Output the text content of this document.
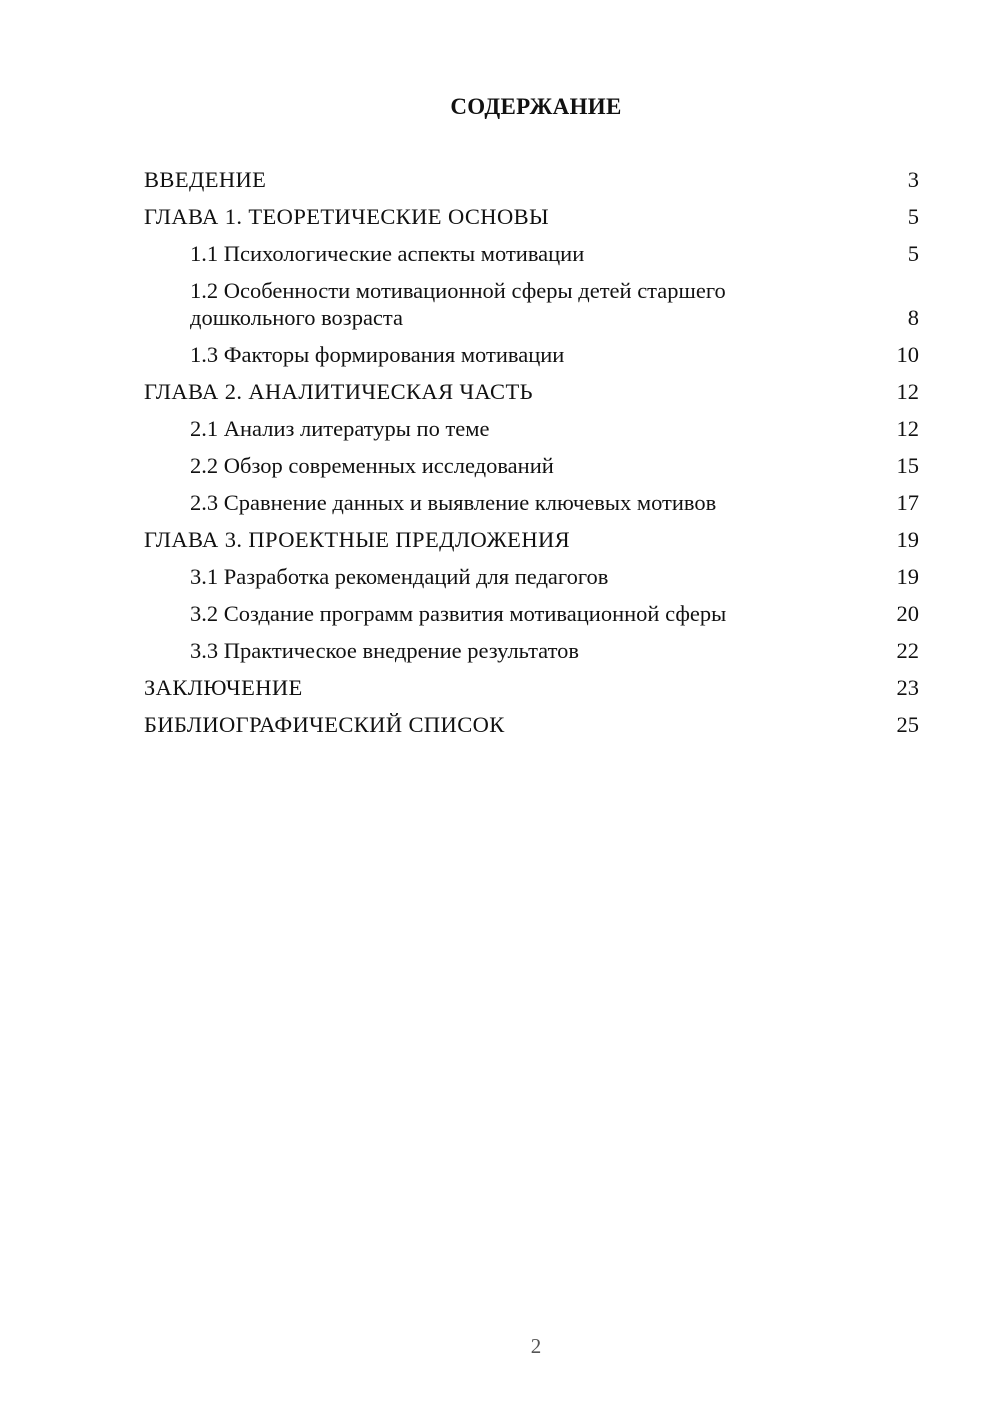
СОДЕРЖАНИЕ
ВВЕДЕНИЕ	3
ГЛАВА 1. ТЕОРЕТИЧЕСКИЕ ОСНОВЫ	5
1.1 Психологические аспекты мотивации	5
1.2 Особенности мотивационной сферы детей старшего дошкольного возраста	8
1.3 Факторы формирования мотивации	10
ГЛАВА 2. АНАЛИТИЧЕСКАЯ ЧАСТЬ	12
2.1 Анализ литературы по теме	12
2.2 Обзор современных исследований	15
2.3 Сравнение данных и выявление ключевых мотивов	17
ГЛАВА 3. ПРОЕКТНЫЕ ПРЕДЛОЖЕНИЯ	19
3.1 Разработка рекомендаций для педагогов	19
3.2 Создание программ развития мотивационной сферы	20
3.3 Практическое внедрение результатов	22
ЗАКЛЮЧЕНИЕ	23
БИБЛИОГРАФИЧЕСКИЙ СПИСОК	25
2
